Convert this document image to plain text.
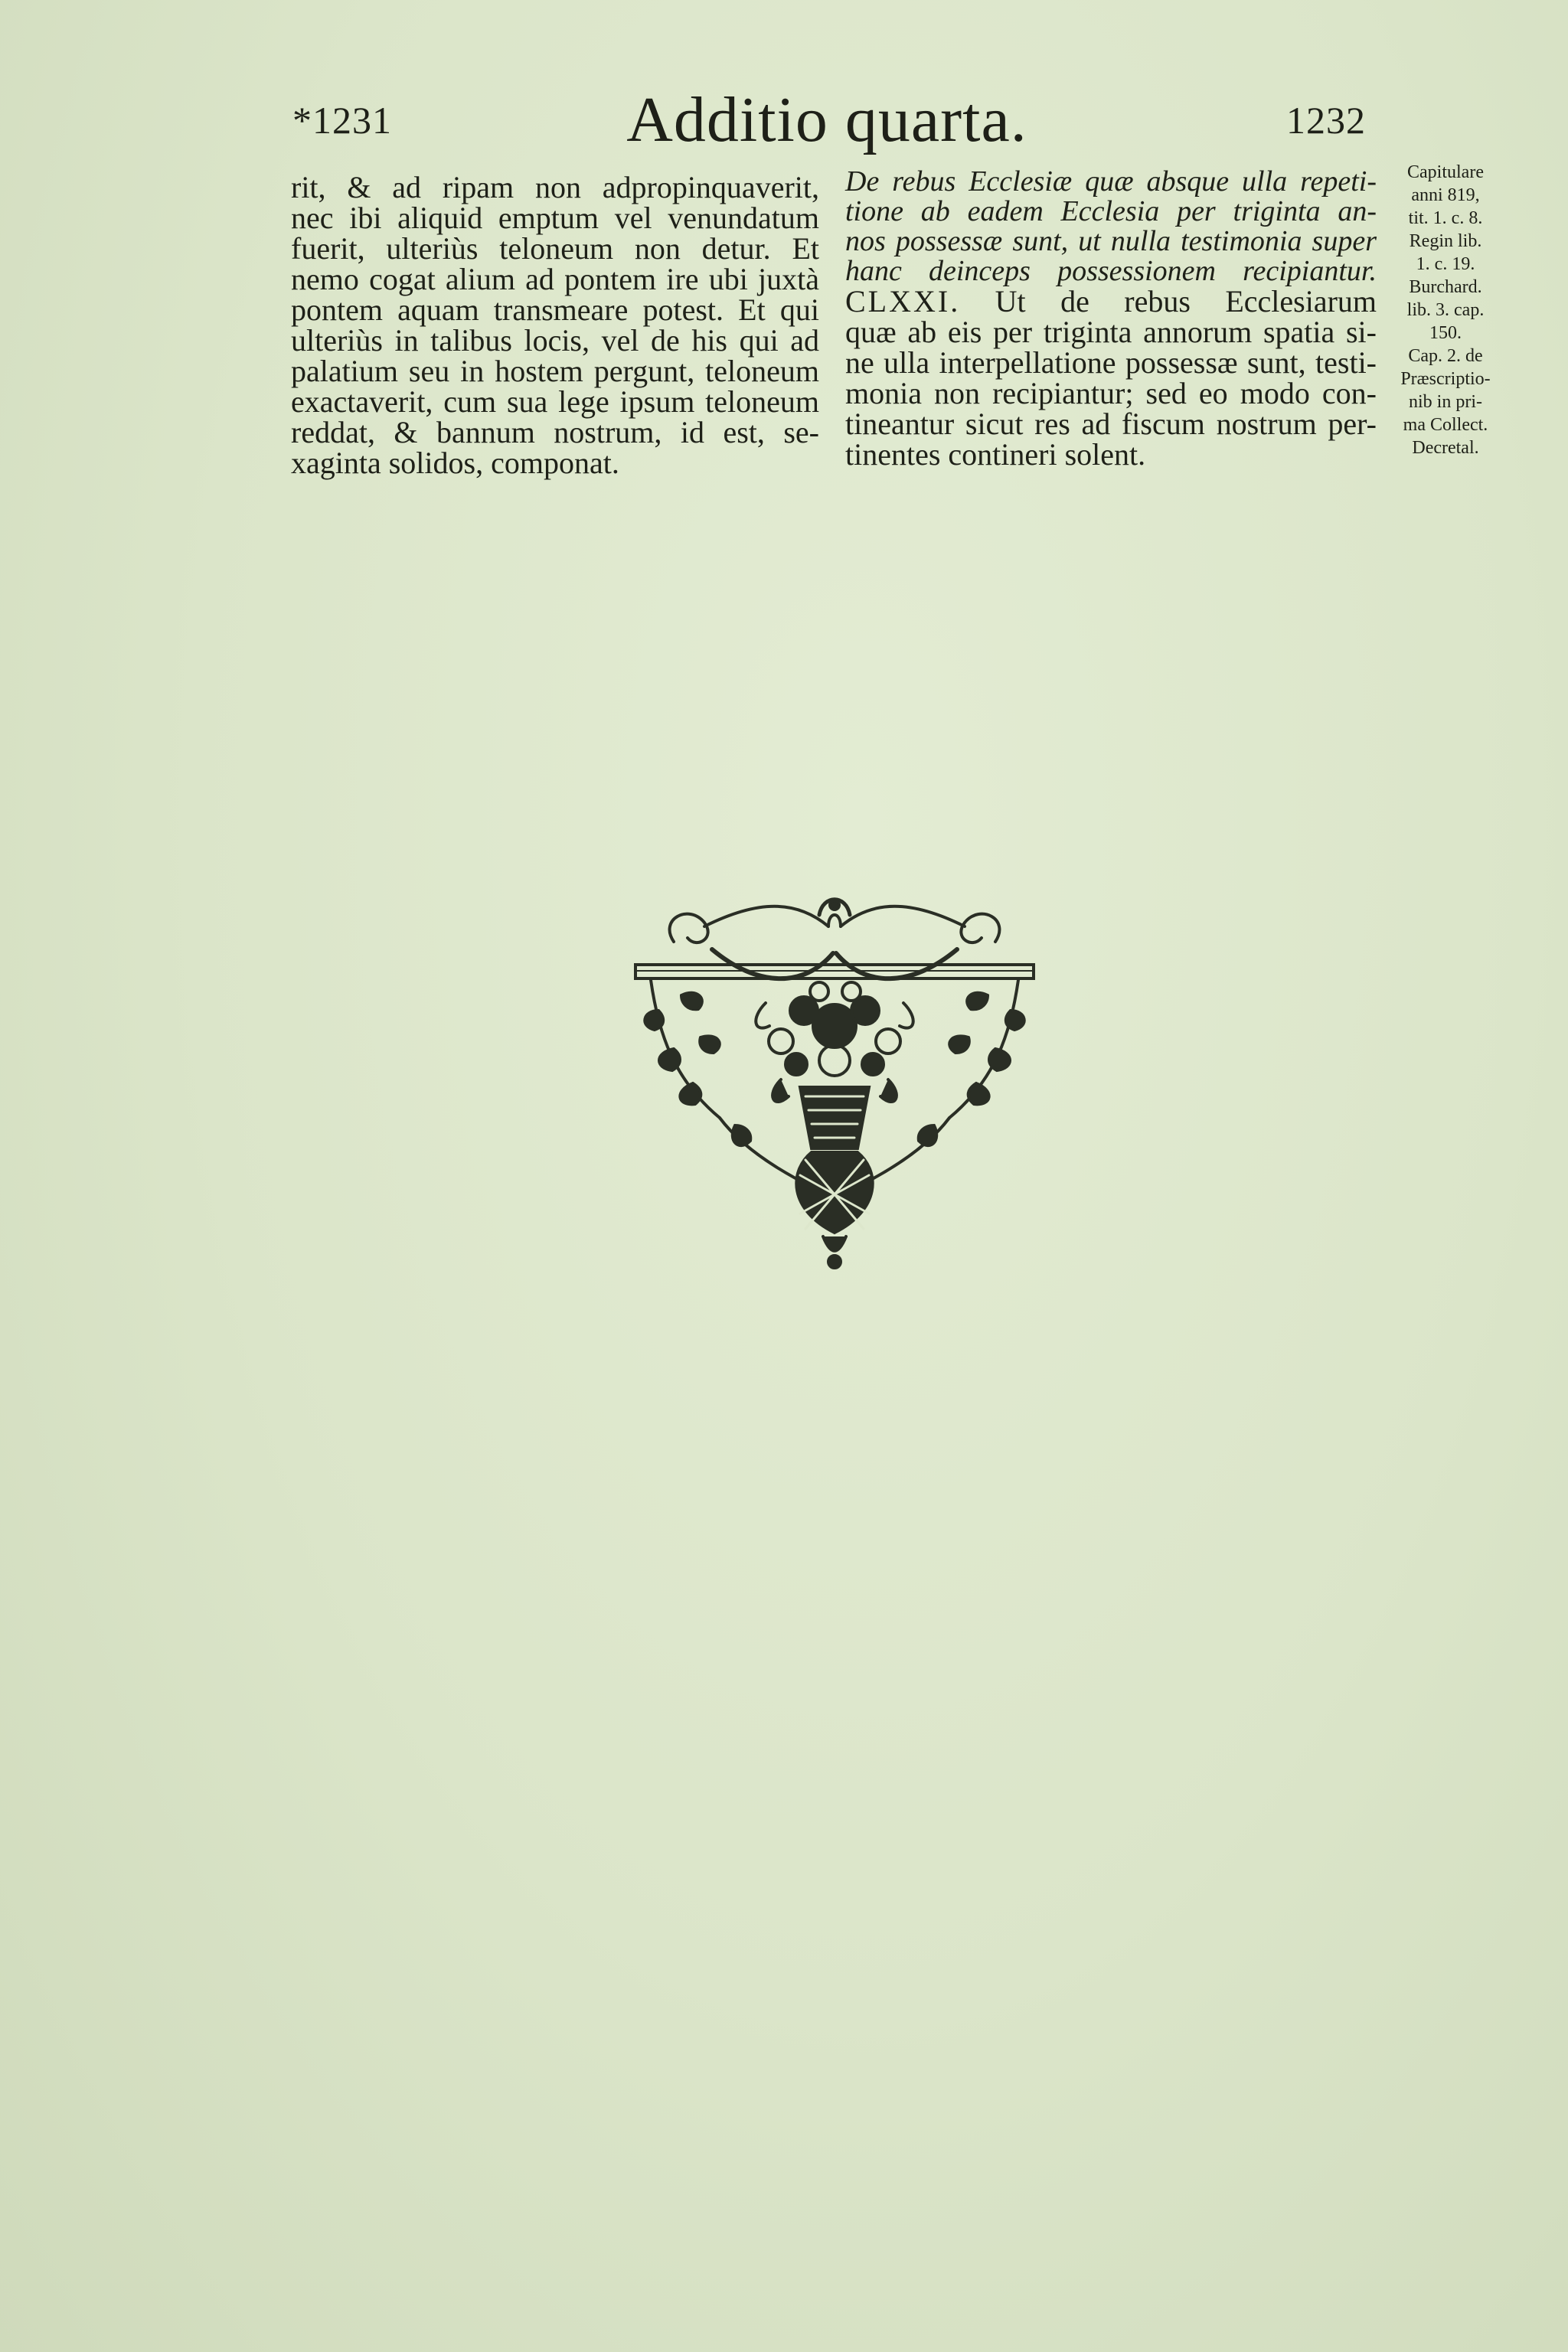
*1231	Additio quarta.	1232
rit, & ad ripam non adpropinquaverit,
nec ibi aliquid emptum vel venundatum
fuerit, ulteriùs teloneum non detur. Et
nemo cogat alium ad pontem ire ubi juxtà
pontem aquam transmeare potest. Et qui
ulteriùs in talibus locis, vel de his qui ad
palatium seu in hostem pergunt, teloneum
exactaverit, cum sua lege ipsum teloneum
reddat, & bannum nostrum, id est, se-
xaginta solidos, componat.
De rebus Ecclesiæ quæ absque ulla repeti-
tione ab eadem Ecclesia per triginta an-
nos possessæ sunt, ut nulla testimonia super
hanc deinceps possessionem recipiantur.
CLXXI. Ut de rebus Ecclesiarum
quæ ab eis per triginta annorum spatia si-
ne ulla interpellatione possessæ sunt, testi-
monia non recipiantur; sed eo modo con-
tineantur sicut res ad fiscum nostrum per-
tinentes contineri solent.
Capitulare
anni 819,
tit. 1. c. 8.
Regin lib.
1. c. 19.
Burchard.
lib. 3. cap.
150.
Cap. 2. de
Præscriptio-
nib in pri-
ma Collect.
Decretal.
